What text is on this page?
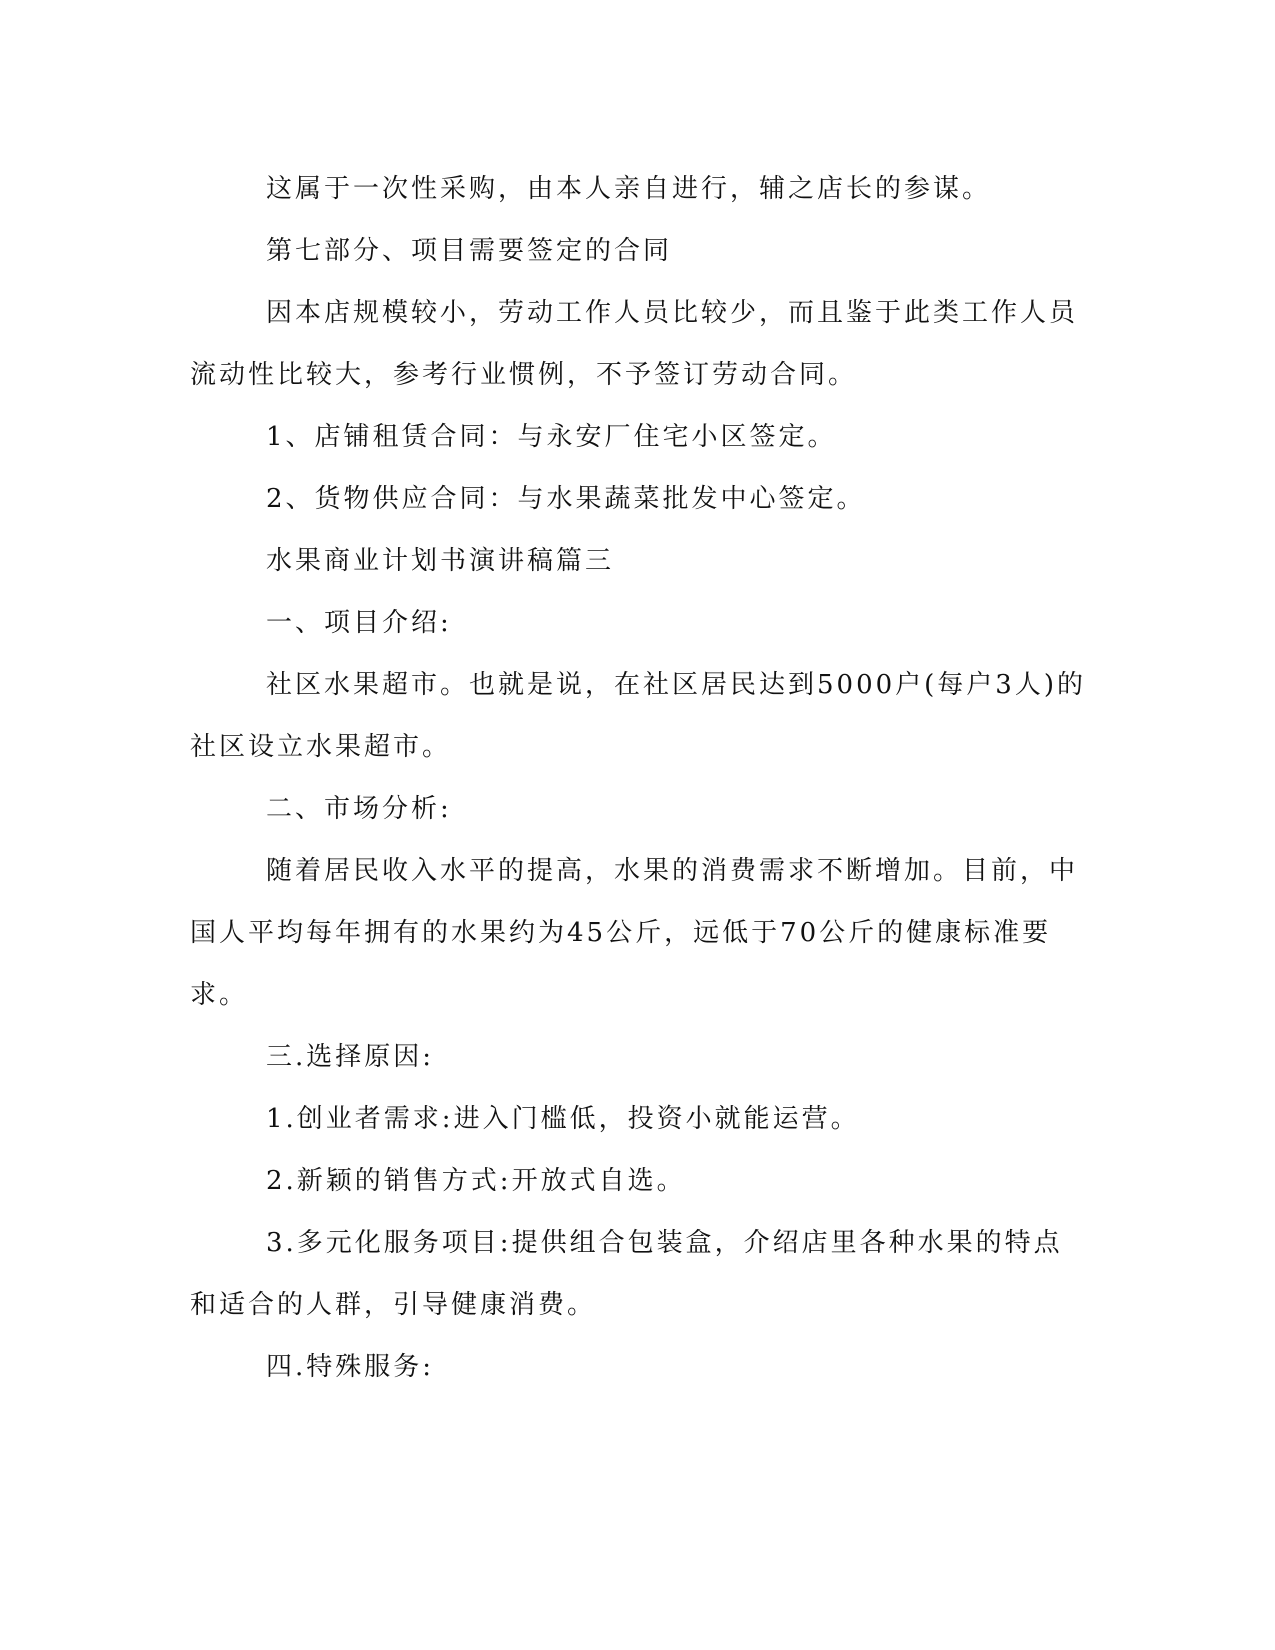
这属于一次性采购，由本人亲自进行，辅之店长的参谋。

第七部分、项目需要签定的合同

因本店规模较小，劳动工作人员比较少，而且鉴于此类工作人员流动性比较大，参考行业惯例，不予签订劳动合同。

1、店铺租赁合同：与永安厂住宅小区签定。

2、货物供应合同：与水果蔬菜批发中心签定。

水果商业计划书演讲稿篇三

一、项目介绍:

社区水果超市。也就是说，在社区居民达到5000户(每户3人)的社区设立水果超市。

二、市场分析:

随着居民收入水平的提高，水果的消费需求不断增加。目前，中国人平均每年拥有的水果约为45公斤，远低于70公斤的健康标准要求。

三.选择原因:

1.创业者需求:进入门槛低，投资小就能运营。

2.新颖的销售方式:开放式自选。

3.多元化服务项目:提供组合包装盒，介绍店里各种水果的特点和适合的人群，引导健康消费。

四.特殊服务:
